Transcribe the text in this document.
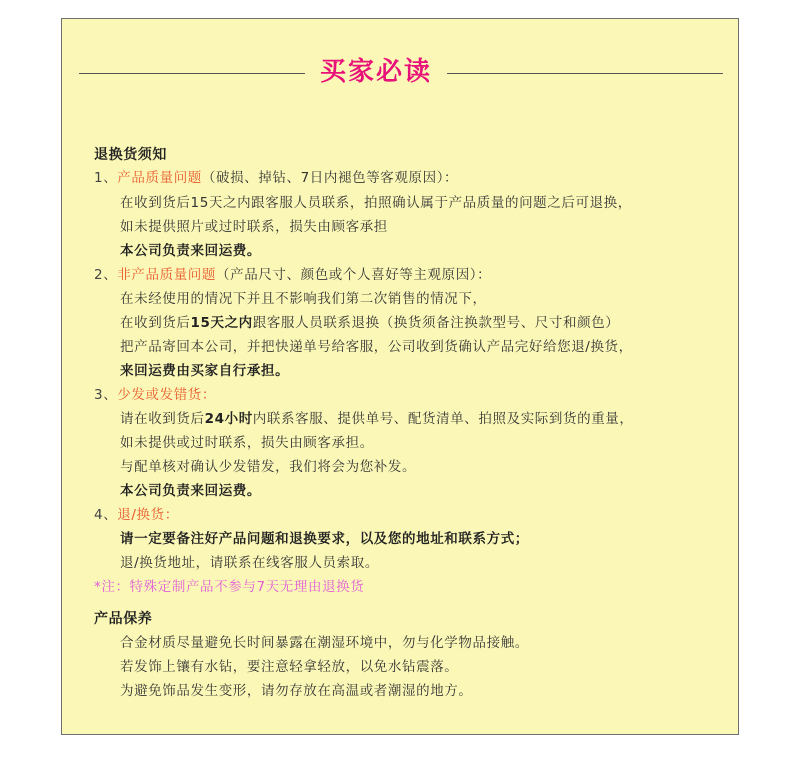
买家必读
退换货须知
1、产品质量问题（破损、掉钻、7日内褪色等客观原因）：
在收到货后15天之内跟客服人员联系，拍照确认属于产品质量的问题之后可退换，
如未提供照片或过时联系，损失由顾客承担
本公司负责来回运费。
2、非产品质量问题（产品尺寸、颜色或个人喜好等主观原因）：
在未经使用的情况下并且不影响我们第二次销售的情况下，
在收到货后15天之内跟客服人员联系退换（换货须备注换款型号、尺寸和颜色）
把产品寄回本公司，并把快递单号给客服，公司收到货确认产品完好给您退/换货，
来回运费由买家自行承担。
3、少发或发错货：
请在收到货后24小时内联系客服、提供单号、配货清单、拍照及实际到货的重量，
如未提供或过时联系，损失由顾客承担。
与配单核对确认少发错发，我们将会为您补发。
本公司负责来回运费。
4、退/换货：
请一定要备注好产品问题和退换要求，以及您的地址和联系方式；
退/换货地址，请联系在线客服人员索取。
*注：特殊定制产品不参与7天无理由退换货
产品保养
合金材质尽量避免长时间暴露在潮湿环境中，勿与化学物品接触。
若发饰上镶有水钻，要注意轻拿轻放，以免水钻震落。
为避免饰品发生变形，请勿存放在高温或者潮湿的地方。
